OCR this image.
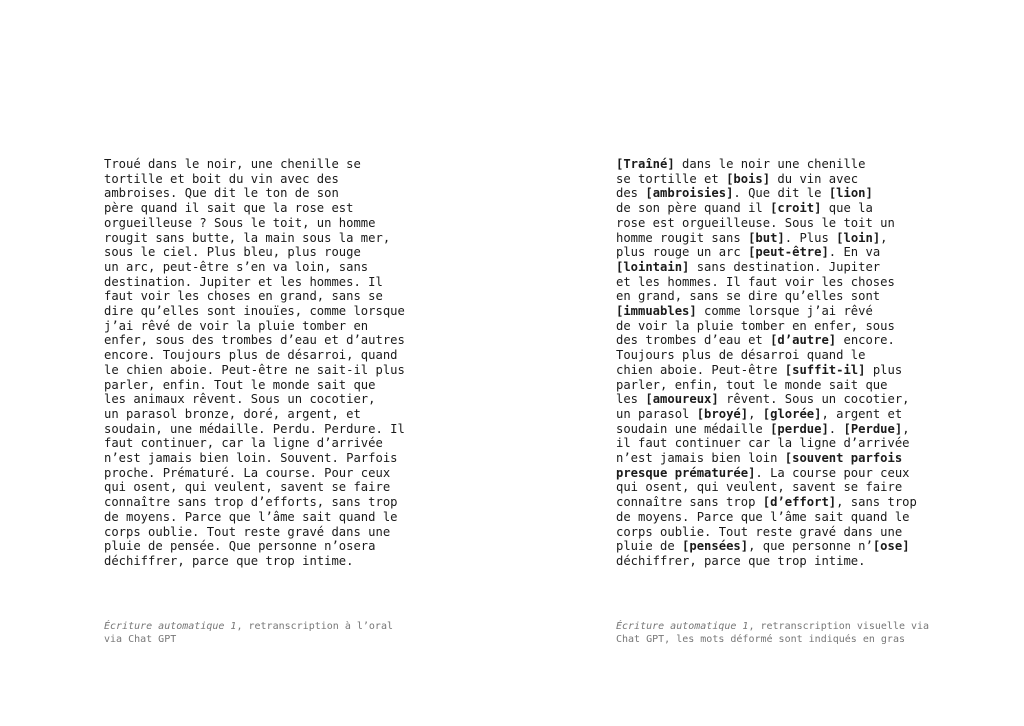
Troué dans le noir, une chenille se
tortille et boit du vin avec des
ambroises. Que dit le ton de son
père quand il sait que la rose est
orgueilleuse ? Sous le toit, un homme
rougit sans butte, la main sous la mer,
sous le ciel. Plus bleu, plus rouge
un arc, peut-être s’en va loin, sans
destination. Jupiter et les hommes. Il
faut voir les choses en grand, sans se
dire qu’elles sont inouïes, comme lorsque
j’ai rêvé de voir la pluie tomber en
enfer, sous des trombes d’eau et d’autres
encore. Toujours plus de désarroi, quand
le chien aboie. Peut-être ne sait-il plus
parler, enfin. Tout le monde sait que
les animaux rêvent. Sous un cocotier,
un parasol bronze, doré, argent, et
soudain, une médaille. Perdu. Perdure. Il
faut continuer, car la ligne d’arrivée
n’est jamais bien loin. Souvent. Parfois
proche. Prématuré. La course. Pour ceux
qui osent, qui veulent, savent se faire
connaître sans trop d’efforts, sans trop
de moyens. Parce que l’âme sait quand le
corps oublie. Tout reste gravé dans une
pluie de pensée. Que personne n’osera
déchiffrer, parce que trop intime.
[Traîné] dans le noir une chenille
se tortille et [bois] du vin avec
des [ambroisies]. Que dit le [lion]
de son père quand il [croit] que la
rose est orgueilleuse. Sous le toit un
homme rougit sans [but]. Plus [loin],
plus rouge un arc [peut-être]. En va
[lointain] sans destination. Jupiter
et les hommes. Il faut voir les choses
en grand, sans se dire qu’elles sont
[immuables] comme lorsque j’ai rêvé
de voir la pluie tomber en enfer, sous
des trombes d’eau et [d’autre] encore.
Toujours plus de désarroi quand le
chien aboie. Peut-être [suffit-il] plus
parler, enfin, tout le monde sait que
les [amoureux] rêvent. Sous un cocotier,
un parasol [broyé], [glorée], argent et
soudain une médaille [perdue]. [Perdue],
il faut continuer car la ligne d’arrivée
n’est jamais bien loin [souvent parfois
presque prématurée]. La course pour ceux
qui osent, qui veulent, savent se faire
connaître sans trop [d’effort], sans trop
de moyens. Parce que l’âme sait quand le
corps oublie. Tout reste gravé dans une
pluie de [pensées], que personne n’[ose]
déchiffrer, parce que trop intime.
Écriture automatique 1, retranscription à l’oral
via Chat GPT
Écriture automatique 1, retranscription visuelle via
Chat GPT, les mots déformé sont indiqués en gras
